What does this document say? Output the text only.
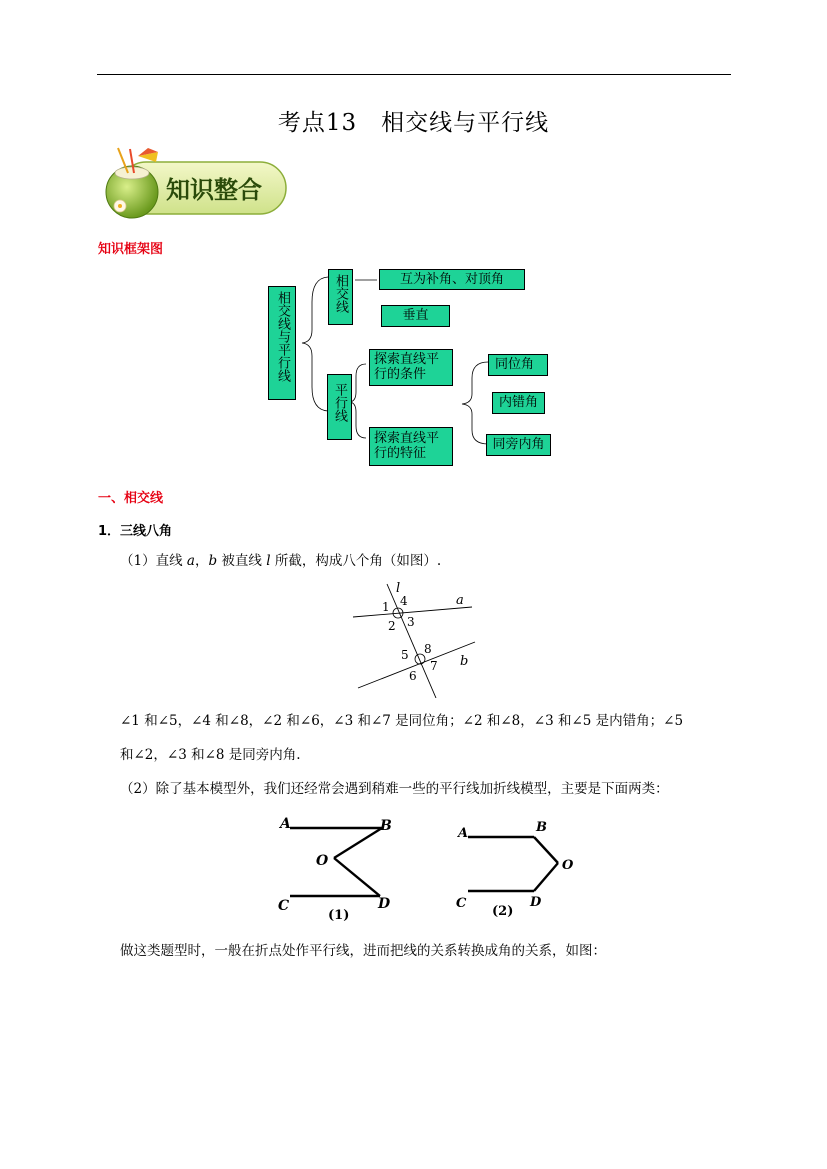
考点13　相交线与平行线
知识整合
知识框架图
相交线与平行线	相交线
平行线
互为补角、对顶角
垂直
探索直线平行的条件
探索直线平行的特征
同位角
内错角
同旁内角
一、相交线
1．三线八角
（1）直线 a，b 被直线 l 所截，构成八个角（如图）.
l
a
b
1 4
2 3
5 8
6
7
∠1 和∠5，∠4 和∠8，∠2 和∠6，∠3 和∠7 是同位角；∠2 和∠8，∠3 和∠5 是内错角；∠5
和∠2，∠3 和∠8 是同旁内角.
（2）除了基本模型外，我们还经常会遇到稍难一些的平行线加折线模型，主要是下面两类：
A	B
O
C	D
(1)
A	B
O
C	D
(2)
做这类题型时，一般在折点处作平行线，进而把线的关系转换成角的关系，如图：
